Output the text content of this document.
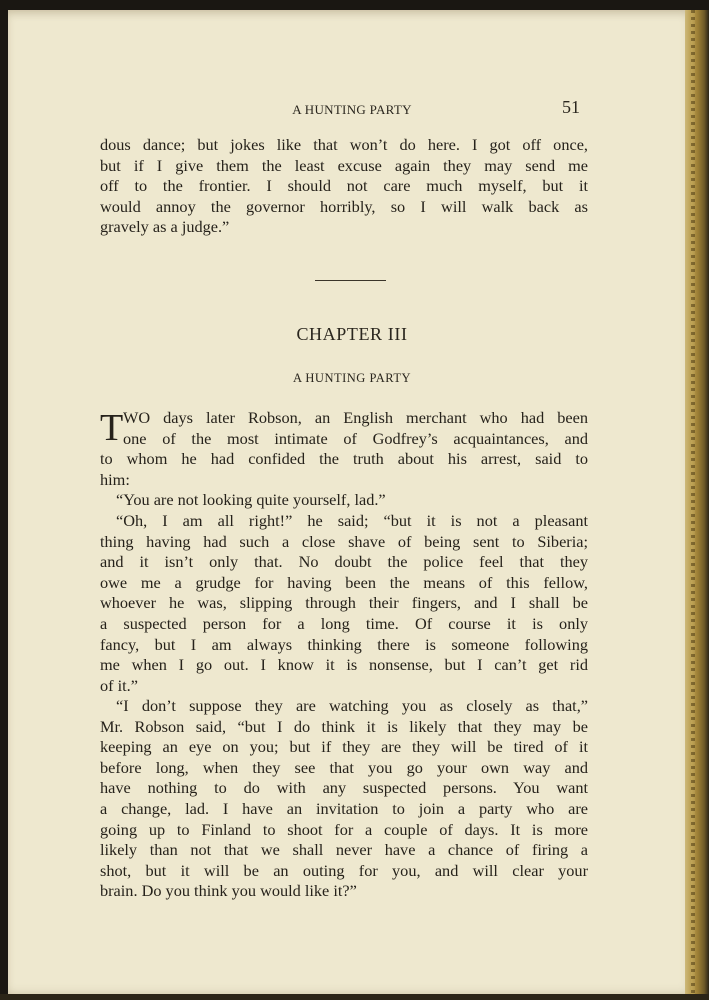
A HUNTING PARTY	51
dous dance; but jokes like that won’t do here. I got off once,
but if I give them the least excuse again they may send me
off to the frontier. I should not care much myself, but it
would annoy the governor horribly, so I will walk back as
gravely as a judge.”
CHAPTER III
A HUNTING PARTY
T WO days later Robson, an English merchant who had been
one of the most intimate of Godfrey’s acquaintances, and
to whom he had confided the truth about his arrest, said to
him:
“You are not looking quite yourself, lad.”
“Oh, I am all right!” he said; “but it is not a pleasant
thing having had such a close shave of being sent to Siberia;
and it isn’t only that. No doubt the police feel that they
owe me a grudge for having been the means of this fellow,
whoever he was, slipping through their fingers, and I shall be
a suspected person for a long time. Of course it is only
fancy, but I am always thinking there is someone following
me when I go out. I know it is nonsense, but I can’t get rid
of it.”
“I don’t suppose they are watching you as closely as that,”
Mr. Robson said, “but I do think it is likely that they may be
keeping an eye on you; but if they are they will be tired of it
before long, when they see that you go your own way and
have nothing to do with any suspected persons. You want
a change, lad. I have an invitation to join a party who are
going up to Finland to shoot for a couple of days. It is more
likely than not that we shall never have a chance of firing a
shot, but it will be an outing for you, and will clear your
brain. Do you think you would like it?”
